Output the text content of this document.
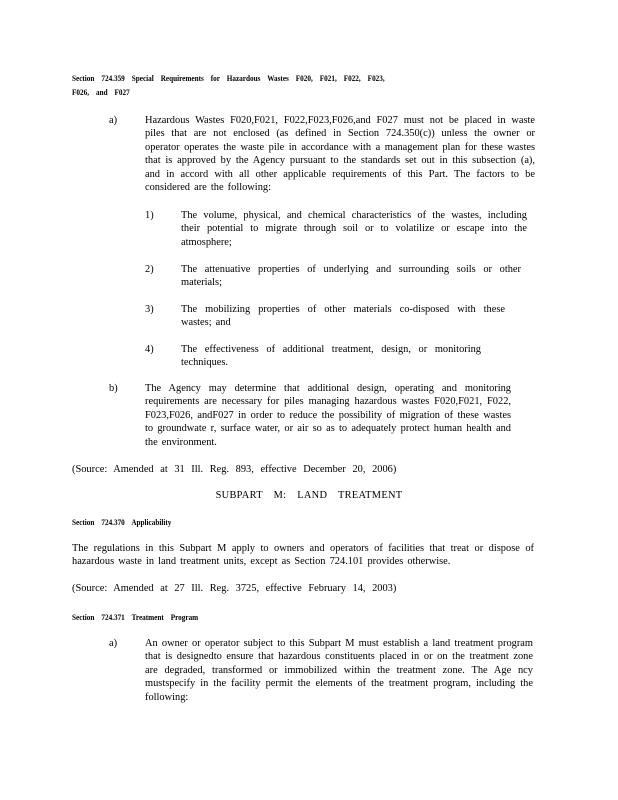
Section 724.359 Special Requirements for Hazardous Wastes F020, F021, F022, F023,
F026, and F027
a)	Hazardous Wastes F020,F021, F022,F023,F026,and F027 must not be placed in waste piles that are not enclosed (as defined in Section 724.350(c)) unless the owner or operator operates the waste pile in accordance with a management plan for these wastes that is approved by the Agency pursuant to the standards set out in this subsection (a), and in accord with all other applicable requirements of this Part. The factors to be considered are the following:
1)	The volume, physical, and chemical characteristics of the wastes, including their potential to migrate through soil or to volatilize or escape into the atmosphere;
2)	The attenuative properties of underlying and surrounding soils or other materials;
3)	The mobilizing properties of other materials co-disposed with these wastes; and
4)	The effectiveness of additional treatment, design, or monitoring techniques.
b)	The Agency may determine that additional design, operating and monitoring requirements are necessary for piles managing hazardous wastes F020,F021, F022, F023,F026, andF027 in order to reduce the possibility of migration of these wastes to groundwate r, surface water, or air so as to adequately protect human health and the environment.
(Source: Amended at 31 Ill. Reg. 893, effective December 20, 2006)
SUBPART M: LAND TREATMENT
Section 724.370 Applicability
The regulations in this Subpart M apply to owners and operators of facilities that treat or dispose of hazardous waste in land treatment units, except as Section 724.101 provides otherwise.
(Source: Amended at 27 Ill. Reg. 3725, effective February 14, 2003)
Section 724.371 Treatment Program
a)	An owner or operator subject to this Subpart M must establish a land treatment program that is designedto ensure that hazardous constituents placed in or on the treatment zone are degraded, transformed or immobilized within the treatment zone. The Age ncy mustspecify in the facility permit the elements of the treatment program, including the following:
